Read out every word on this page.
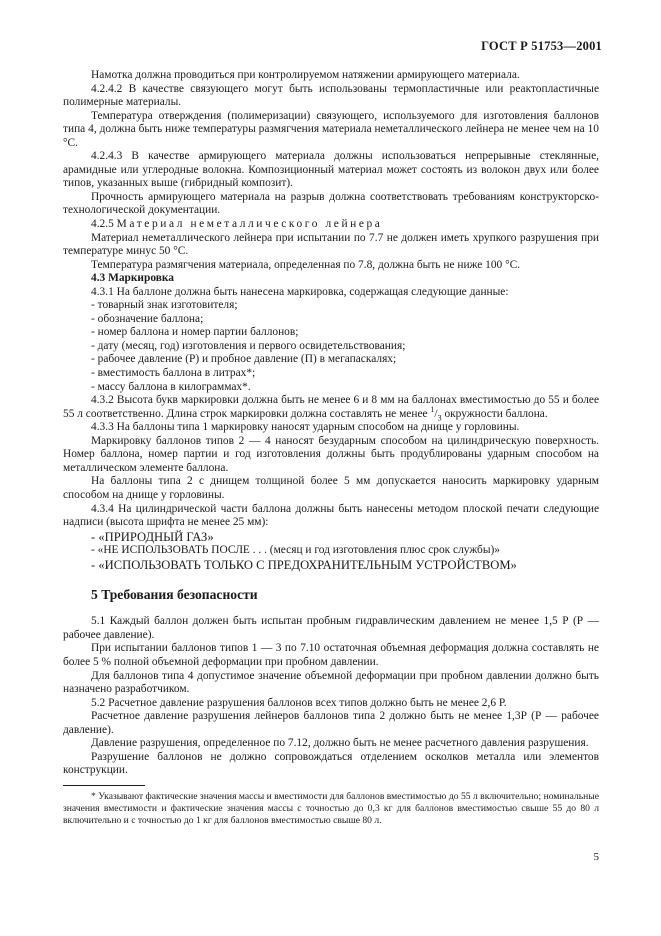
ГОСТ Р 51753—2001

Намотка должна проводиться при контролируемом натяжении армирующего материала.

4.2.4.2 В качестве связующего могут быть использованы термопластичные или реактопластичные полимерные материалы.

Температура отверждения (полимеризации) связующего, используемого для изготовления баллонов типа 4, должна быть ниже температуры размягчения материала неметаллического лейнера не менее чем на 10 °С.

4.2.4.3 В качестве армирующего материала должны использоваться непрерывные стеклянные, арамидные или углеродные волокна. Композиционный материал может состоять из волокон двух или более типов, указанных выше (гибридный композит).

Прочность армирующего материала на разрыв должна соответствовать требованиям конструкторско-технологической документации.

4.2.5 Материал неметаллического лейнера

Материал неметаллического лейнера при испытании по 7.7 не должен иметь хрупкого разрушения при температуре минус 50 °С.

Температура размягчения материала, определенная по 7.8, должна быть не ниже 100 °С.

4.3 Маркировка

4.3.1 На баллоне должна быть нанесена маркировка, содержащая следующие данные:

- товарный знак изготовителя;

- обозначение баллона;

- номер баллона и номер партии баллонов;

- дату (месяц, год) изготовления и первого освидетельствования;

- рабочее давление (Р) и пробное давление (П) в мегапаскалях;

- вместимость баллона в литрах*;

- массу баллона в килограммах*.

4.3.2 Высота букв маркировки должна быть не менее 6 и 8 мм на баллонах вместимостью до 55 и более 55 л соответственно. Длина строк маркировки должна составлять не менее $^1/_3$ окружности баллона.

4.3.3 На баллоны типа 1 маркировку наносят ударным способом на днище у горловины.

Маркировку баллонов типов 2 — 4 наносят безударным способом на цилиндрическую поверхность. Номер баллона, номер партии и год изготовления должны быть продублированы ударным способом на металлическом элементе баллона.

На баллоны типа 2 с днищем толщиной более 5 мм допускается наносить маркировку ударным способом на днище у горловины.

4.3.4 На цилиндрической части баллона должны быть нанесены методом плоской печати следующие надписи (высота шрифта не менее 25 мм):

- «ПРИРОДНЫЙ ГАЗ»

- «НЕ ИСПОЛЬЗОВАТЬ ПОСЛЕ . . . (месяц и год изготовления плюс срок службы)»

- «ИСПОЛЬЗОВАТЬ ТОЛЬКО С ПРЕДОХРАНИТЕЛЬНЫМ УСТРОЙСТВОМ»

5 Требования безопасности

5.1 Каждый баллон должен быть испытан пробным гидравлическим давлением не менее 1,5 Р (Р — рабочее давление).

При испытании баллонов типов 1 — 3 по 7.10 остаточная объемная деформация должна составлять не более 5 % полной объемной деформации при пробном давлении.

Для баллонов типа 4 допустимое значение объемной деформации при пробном давлении должно быть назначено разработчиком.

5.2 Расчетное давление разрушения баллонов всех типов должно быть не менее 2,6 Р.

Расчетное давление разрушения лейнеров баллонов типа 2 должно быть не менее 1,3Р (Р — рабочее давление).

Давление разрушения, определенное по 7.12, должно быть не менее расчетного давления разрушения.

Разрушение баллонов не должно сопровождаться отделением осколков металла или элементов конструкции.

* Указывают фактические значения массы и вместимости для баллонов вместимостью до 55 л включительно; номинальные значения вместимости и фактические значения массы с точностью до 0,3 кг для баллонов вместимостью свыше 55 до 80 л включительно и с точностью до 1 кг для баллонов вместимостью свыше 80 л.

5
